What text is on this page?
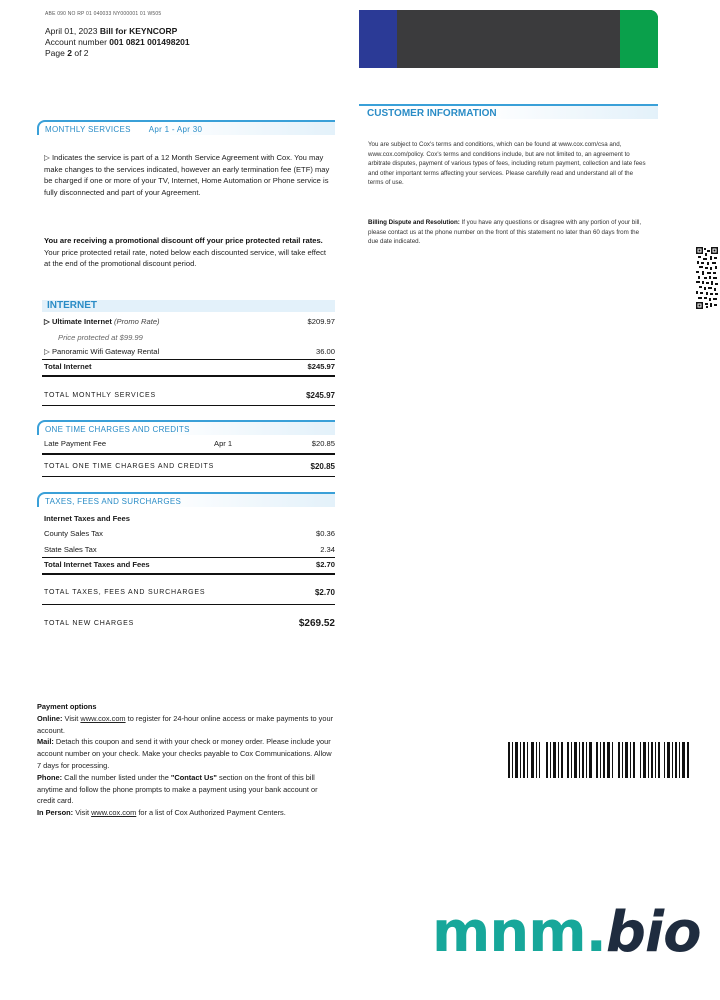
ABE 090 NO RP 01 040033 NY000001 01 W505
April 01, 2023 Bill for KEYNCORP
Account number 001 0821 001498201
Page 2 of 2
MONTHLY SERVICES Apr 1 - Apr 30
▷ Indicates the service is part of a 12 Month Service Agreement with Cox. You may make changes to the services indicated, however an early termination fee (ETF) may be charged if one or more of your TV, Internet, Home Automation or Phone service is fully disconnected and part of your Agreement.
You are receiving a promotional discount off your price protected retail rates. Your price protected retail rate, noted below each discounted service, will take effect at the end of the promotional discount period.
INTERNET
▷ Ultimate Internet (Promo Rate)	$209.97
Price protected at $99.99
▷ Panoramic Wifi Gateway Rental	36.00
Total Internet	$245.97
TOTAL MONTHLY SERVICES	$245.97
ONE TIME CHARGES AND CREDITS
Late Payment Fee	Apr 1	$20.85
TOTAL ONE TIME CHARGES AND CREDITS	$20.85
TAXES, FEES AND SURCHARGES
Internet Taxes and Fees
County Sales Tax	$0.36
State Sales Tax	2.34
Total Internet Taxes and Fees	$2.70
TOTAL TAXES, FEES AND SURCHARGES	$2.70
TOTAL NEW CHARGES	$269.52
CUSTOMER INFORMATION
You are subject to Cox's terms and conditions, which can be found at www.cox.com/csa and, www.cox.com/policy. Cox's terms and conditions include, but are not limited to, an agreement to arbitrate disputes, payment of various types of fees, including return payment, collection and late fees and other important terms affecting your services. Please carefully read and understand all of the terms of use.
Billing Dispute and Resolution: If you have any questions or disagree with any portion of your bill, please contact us at the phone number on the front of this statement no later than 60 days from the due date indicated.
Payment options
Online: Visit www.cox.com to register for 24-hour online access or make payments to your account.
Mail: Detach this coupon and send it with your check or money order. Please include your account number on your check. Make your checks payable to Cox Communications. Allow 7 days for processing.
Phone: Call the number listed under the "Contact Us" section on the front of this bill anytime and follow the phone prompts to make a payment using your bank account or credit card.
In Person: Visit www.cox.com for a list of Cox Authorized Payment Centers.
mnm.bio
